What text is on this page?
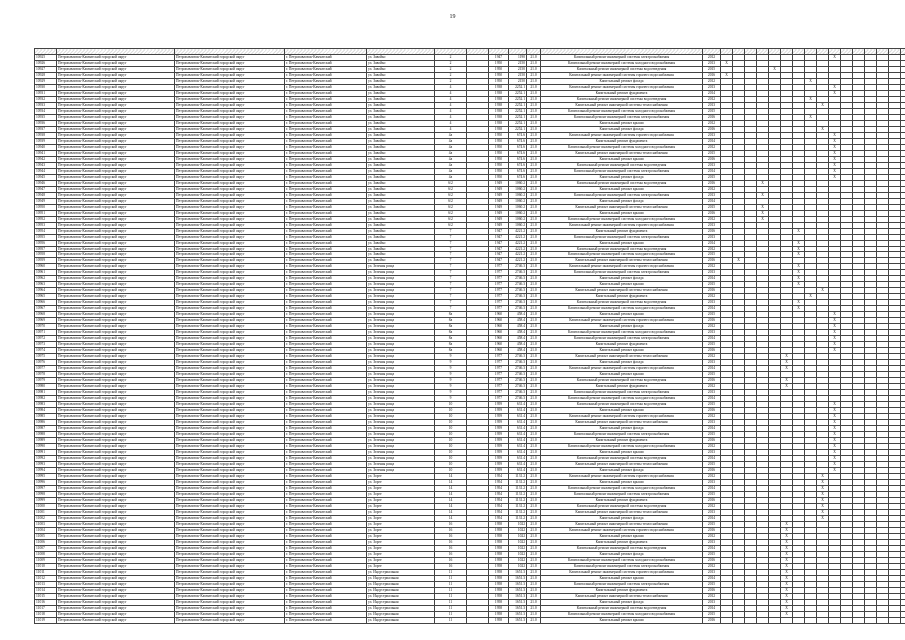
19

10925	Петропавловск-Камчатский городской округ	Петропавловск-Камчатский городской округ	г. Петропавловск-Камчатский	ул. Завойко	2		1947	1190	21.0	Капитальный ремонт инженерной системы электроснабжения	2012										X							
10926	Петропавловск-Камчатский городской округ	Петропавловск-Камчатский городской округ	г. Петропавловск-Камчатский	ул. Завойко	2		1950	2150	21.0	Капитальный ремонт инженерной системы холодного водоснабжения	2013	X																
10927	Петропавловск-Камчатский городской округ	Петропавловск-Камчатский городской округ	г. Петропавловск-Камчатский	ул. Завойко	2		1950	2150	21.0	Капитальный ремонт инженерной системы водоотведения	2015					X												
10928	Петропавловск-Камчатский городской округ	Петропавловск-Камчатский городской округ	г. Петропавловск-Камчатский	ул. Завойко	2		1950	2150	21.0	Капитальный ремонт инженерной системы горячего водоснабжения	2016	X																
10929	Петропавловск-Камчатский городской округ	Петропавловск-Камчатский городской округ	г. Петропавловск-Камчатский	ул. Завойко	2		1950	2150	21.0	Капитальный ремонт фасада	2012								X									
10930	Петропавловск-Камчатский городской округ	Петропавловск-Камчатский городской округ	г. Петропавловск-Камчатский	ул. Завойко	4		1938	2252.1	21.0	Капитальный ремонт инженерной системы горячего водоснабжения	2013										X							
10931	Петропавловск-Камчатский городской округ	Петропавловск-Камчатский городской округ	г. Петропавловск-Камчатский	ул. Завойко	4		1938	2252.1	21.0	Капитальный ремонт фундамента	2014										X							
10932	Петропавловск-Камчатский городской округ	Петропавловск-Камчатский городской округ	г. Петропавловск-Камчатский	ул. Завойко	4		1938	2252.1	21.0	Капитальный ремонт инженерной системы водоотведения	2012								X									
10933	Петропавловск-Камчатский городской округ	Петропавловск-Камчатский городской округ	г. Петропавловск-Камчатский	ул. Завойко	4		1938	2252.1	21.0	Капитальный ремонт инженерной системы теплоснабжения	2013									X								
10934	Петропавловск-Камчатский городской округ	Петропавловск-Камчатский городской округ	г. Петропавловск-Камчатский	ул. Завойко	4		1938	2252.1	21.0	Капитальный ремонт инженерной системы холодного водоснабжения	2015																	
10935	Петропавловск-Камчатский городской округ	Петропавловск-Камчатский городской округ	г. Петропавловск-Камчатский	ул. Завойко	4		1938	2252.1	21.0	Капитальный ремонт инженерной системы электроснабжения	2016								X									
10936	Петропавловск-Камчатский городской округ	Петропавловск-Камчатский городской округ	г. Петропавловск-Камчатский	ул. Завойко	4		1938	2252.1	21.0	Капитальный ремонт крыши	2012																	
10937	Петропавловск-Камчатский городской округ	Петропавловск-Камчатский городской округ	г. Петропавловск-Камчатский	ул. Завойко	4		1938	2252.1	21.0	Капитальный ремонт фасада	2016									X								
10938	Петропавловск-Камчатский городской округ	Петропавловск-Камчатский городской округ	г. Петропавловск-Камчатский	ул. Завойко	4а		1950	674.6	21.0	Капитальный ремонт инженерной системы горячего водоснабжения	2013										X							
10939	Петропавловск-Камчатский городской округ	Петропавловск-Камчатский городской округ	г. Петропавловск-Камчатский	ул. Завойко	4а		1950	674.6	21.0	Капитальный ремонт фундамента	2014										X							
10940	Петропавловск-Камчатский городской округ	Петропавловск-Камчатский городской округ	г. Петропавловск-Камчатский	ул. Завойко	4а		1950	674.6	21.0	Капитальный ремонт инженерной системы холодного водоснабжения	2012										X							
10941	Петропавловск-Камчатский городской округ	Петропавловск-Камчатский городской округ	г. Петропавловск-Камчатский	ул. Завойко	4а		1950	674.6	21.0	Капитальный ремонт инженерной системы теплоснабжения	2015										X							
10942	Петропавловск-Камчатский городской округ	Петропавловск-Камчатский городской округ	г. Петропавловск-Камчатский	ул. Завойко	4а		1950	674.6	21.0	Капитальный ремонт крыши	2016										X							
10943	Петропавловск-Камчатский городской округ	Петропавловск-Камчатский городской округ	г. Петропавловск-Камчатский	ул. Завойко	4а		1950	674.6	21.0	Капитальный ремонт инженерной системы водоотведения	2013										X							
10944	Петропавловск-Камчатский городской округ	Петропавловск-Камчатский городской округ	г. Петропавловск-Камчатский	ул. Завойко	4а		1950	674.6	21.0	Капитальный ремонт инженерной системы электроснабжения	2014										X							
10945	Петропавловск-Камчатский городской округ	Петропавловск-Камчатский городской округ	г. Петропавловск-Камчатский	ул. Завойко	4а		1950	674.6	21.0	Капитальный ремонт фасада	2015										X							
10946	Петропавловск-Камчатский городской округ	Петропавловск-Камчатский городской округ	г. Петропавловск-Камчатский	ул. Завойко	6/2		1949	1060.2	21.0	Капитальный ремонт инженерной системы водоотведения	2016				X													
10947	Петропавловск-Камчатский городской округ	Петропавловск-Камчатский городской округ	г. Петропавловск-Камчатский	ул. Завойко	6/2		1949	1060.2	21.0	Капитальный ремонт крыши	2012																	
10948	Петропавловск-Камчатский городской округ	Петропавловск-Камчатский городской округ	г. Петропавловск-Камчатский	ул. Завойко	6/2		1949	1060.2	21.0	Капитальный ремонт инженерной системы электроснабжения	2013				X													
10949	Петропавловск-Камчатский городской округ	Петропавловск-Камчатский городской округ	г. Петропавловск-Камчатский	ул. Завойко	6/2		1949	1060.2	21.0	Капитальный ремонт фасада	2014																	
10950	Петропавловск-Камчатский городской округ	Петропавловск-Камчатский городской округ	г. Петропавловск-Камчатский	ул. Завойко	6/2		1949	1060.2	21.0	Капитальный ремонт инженерной системы теплоснабжения	2015				X													
10951	Петропавловск-Камчатский городской округ	Петропавловск-Камчатский городской округ	г. Петропавловск-Камчатский	ул. Завойко	6/2		1949	1060.2	21.0	Капитальный ремонт крыши	2016				X													
10952	Петропавловск-Камчатский городской округ	Петропавловск-Камчатский городской округ	г. Петропавловск-Камчатский	ул. Завойко	6/2		1949	1060.2	21.0	Капитальный ремонт инженерной системы холодного водоснабжения	2012				X													
10953	Петропавловск-Камчатский городской округ	Петропавловск-Камчатский городской округ	г. Петропавловск-Камчатский	ул. Завойко	6/2		1949	1060.2	21.0	Капитальный ремонт инженерной системы горячего водоснабжения	2013																	
10954	Петропавловск-Камчатский городской округ	Петропавловск-Камчатский городской округ	г. Петропавловск-Камчатский	ул. Завойко	7		1947	4221.2	21.0	Капитальный ремонт фундамента	2016							X										
10955	Петропавловск-Камчатский городской округ	Петропавловск-Камчатский городской округ	г. Петропавловск-Камчатский	ул. Завойко	7		1947	4221.2	21.0	Капитальный ремонт инженерной системы электроснабжения	2013																	
10956	Петропавловск-Камчатский городской округ	Петропавловск-Камчатский городской округ	г. Петропавловск-Камчатский	ул. Завойко	7		1947	4221.2	21.0	Капитальный ремонт крыши	2014							X										
10957	Петропавловск-Камчатский городской округ	Петропавловск-Камчатский городской округ	г. Петропавловск-Камчатский	ул. Завойко	7		1947	4221.2	21.0	Капитальный ремонт инженерной системы водоотведения	2012							X										
10958	Петропавловск-Камчатский городской округ	Петропавловск-Камчатский городской округ	г. Петропавловск-Камчатский	ул. Завойко	7		1947	4221.2	21.0	Капитальный ремонт инженерной системы холодного водоснабжения	2015							X										
10959	Петропавловск-Камчатский городской округ	Петропавловск-Камчатский городской округ	г. Петропавловск-Камчатский	ул. Завойко	7		1947	4221.2	21.0	Капитальный ремонт инженерной системы теплоснабжения	2016		X															
10960	Петропавловск-Камчатский городской округ	Петропавловск-Камчатский городской округ	г. Петропавловск-Камчатский	ул. Зеленая роща	7		1977	2746.3	21.0	Капитальный ремонт инженерной системы горячего водоснабжения	2012							X										
10961	Петропавловск-Камчатский городской округ	Петропавловск-Камчатский городской округ	г. Петропавловск-Камчатский	ул. Зеленая роща	7		1977	2746.3	21.0	Капитальный ремонт инженерной системы электроснабжения	2013							X										
10962	Петропавловск-Камчатский городской округ	Петропавловск-Камчатский городской округ	г. Петропавловск-Камчатский	ул. Зеленая роща	7		1977	2746.3	21.0	Капитальный ремонт фасада	2014							X										
10963	Петропавловск-Камчатский городской округ	Петропавловск-Камчатский городской округ	г. Петропавловск-Камчатский	ул. Зеленая роща	7		1977	2746.3	21.0	Капитальный ремонт крыши	2015							X										
10964	Петропавловск-Камчатский городской округ	Петропавловск-Камчатский городской округ	г. Петропавловск-Камчатский	ул. Зеленая роща	7		1977	2746.3	21.0	Капитальный ремонт инженерной системы теплоснабжения	2016									X								
10965	Петропавловск-Камчатский городской округ	Петропавловск-Камчатский городской округ	г. Петропавловск-Камчатский	ул. Зеленая роща	7		1977	2746.3	21.0	Капитальный ремонт фундамента	2012								X									
10966	Петропавловск-Камчатский городской округ	Петропавловск-Камчатский городской округ	г. Петропавловск-Камчатский	ул. Зеленая роща	7		1977	2746.3	21.0	Капитальный ремонт инженерной системы водоотведения	2013							X										
10967	Петропавловск-Камчатский городской округ	Петропавловск-Камчатский городской округ	г. Петропавловск-Камчатский	ул. Зеленая роща	7		1977	2746.3	21.0	Капитальный ремонт инженерной системы холодного водоснабжения	2014							X										
10968	Петропавловск-Камчатский городской округ	Петропавловск-Камчатский городской округ	г. Петропавловск-Камчатский	ул. Зеленая роща	8а		1960	458.4	21.0	Капитальный ремонт крыши	2015										X							
10969	Петропавловск-Камчатский городской округ	Петропавловск-Камчатский городской округ	г. Петропавловск-Камчатский	ул. Зеленая роща	8а		1960	458.4	21.0	Капитальный ремонт инженерной системы горячего водоснабжения	2016										X							
10970	Петропавловск-Камчатский городской округ	Петропавловск-Камчатский городской округ	г. Петропавловск-Камчатский	ул. Зеленая роща	8а		1960	458.4	21.0	Капитальный ремонт фасада	2012										X							
10971	Петропавловск-Камчатский городской округ	Петропавловск-Камчатский городской округ	г. Петропавловск-Камчатский	ул. Зеленая роща	8а		1960	458.4	21.0	Капитальный ремонт инженерной системы холодного водоснабжения	2013										X							
10972	Петропавловск-Камчатский городской округ	Петропавловск-Камчатский городской округ	г. Петропавловск-Камчатский	ул. Зеленая роща	8а		1960	458.4	21.0	Капитальный ремонт инженерной системы электроснабжения	2014										X							
10973	Петропавловск-Камчатский городской округ	Петропавловск-Камчатский городской округ	г. Петропавловск-Камчатский	ул. Зеленая роща	8а		1960	458.4	21.0	Капитальный ремонт фундамента	2015										X							
10974	Петропавловск-Камчатский городской округ	Петропавловск-Камчатский городской округ	г. Петропавловск-Камчатский	ул. Зеленая роща	8а		1960	458.4	21.0	Капитальный ремонт крыши	2016										X							
10975	Петропавловск-Камчатский городской округ	Петропавловск-Камчатский городской округ	г. Петропавловск-Камчатский	ул. Зеленая роща	9		1977	2746.3	21.0	Капитальный ремонт инженерной системы теплоснабжения	2012						X											
10976	Петропавловск-Камчатский городской округ	Петропавловск-Камчатский городской округ	г. Петропавловск-Камчатский	ул. Зеленая роща	9		1977	2746.3	21.0	Капитальный ремонт фасада	2013						X											
10977	Петропавловск-Камчатский городской округ	Петропавловск-Камчатский городской округ	г. Петропавловск-Камчатский	ул. Зеленая роща	9		1977	2746.3	21.0	Капитальный ремонт инженерной системы горячего водоснабжения	2014						X											
10978	Петропавловск-Камчатский городской округ	Петропавловск-Камчатский городской округ	г. Петропавловск-Камчатский	ул. Зеленая роща	9		1977	2746.3	21.0	Капитальный ремонт крыши	2015																	
10979	Петропавловск-Камчатский городской округ	Петропавловск-Камчатский городской округ	г. Петропавловск-Камчатский	ул. Зеленая роща	9		1977	2746.3	21.0	Капитальный ремонт инженерной системы водоотведения	2016						X											
10980	Петропавловск-Камчатский городской округ	Петропавловск-Камчатский городской округ	г. Петропавловск-Камчатский	ул. Зеленая роща	9		1977	2746.3	21.0	Капитальный ремонт фундамента	2012						X											
10981	Петропавловск-Камчатский городской округ	Петропавловск-Камчатский городской округ	г. Петропавловск-Камчатский	ул. Зеленая роща	9		1977	2746.3	21.0	Капитальный ремонт инженерной системы электроснабжения	2013																	
10982	Петропавловск-Камчатский городской округ	Петропавловск-Камчатский городской округ	г. Петропавловск-Камчатский	ул. Зеленая роща	9		1977	2746.3	21.0	Капитальный ремонт инженерной системы холодного водоснабжения	2014																	
10983	Петропавловск-Камчатский городской округ	Петропавловск-Камчатский городской округ	г. Петропавловск-Камчатский	ул. Зеленая роща	10		1959	631.4	21.0	Капитальный ремонт инженерной системы водоотведения	2015										X							
10984	Петропавловск-Камчатский городской округ	Петропавловск-Камчатский городской округ	г. Петропавловск-Камчатский	ул. Зеленая роща	10		1959	631.4	21.0	Капитальный ремонт крыши	2016										X							
10985	Петропавловск-Камчатский городской округ	Петропавловск-Камчатский городской округ	г. Петропавловск-Камчатский	ул. Зеленая роща	10		1959	631.4	21.0	Капитальный ремонт инженерной системы горячего водоснабжения	2012										X							
10986	Петропавловск-Камчатский городской округ	Петропавловск-Камчатский городской округ	г. Петропавловск-Камчатский	ул. Зеленая роща	10		1959	631.4	21.0	Капитальный ремонт инженерной системы теплоснабжения	2013										X							
10987	Петропавловск-Камчатский городской округ	Петропавловск-Камчатский городской округ	г. Петропавловск-Камчатский	ул. Зеленая роща	10		1959	631.4	21.0	Капитальный ремонт фасада	2014										X							
10988	Петропавловск-Камчатский городской округ	Петропавловск-Камчатский городской округ	г. Петропавловск-Камчатский	ул. Зеленая роща	10		1959	631.4	21.0	Капитальный ремонт инженерной системы электроснабжения	2015										X							
10989	Петропавловск-Камчатский городской округ	Петропавловск-Камчатский городской округ	г. Петропавловск-Камчатский	ул. Зеленая роща	10		1959	631.4	21.0	Капитальный ремонт фундамента	2016										X							
10990	Петропавловск-Камчатский городской округ	Петропавловск-Камчатский городской округ	г. Петропавловск-Камчатский	ул. Зеленая роща	10		1959	631.4	21.0	Капитальный ремонт инженерной системы холодного водоснабжения	2012										X							
10991	Петропавловск-Камчатский городской округ	Петропавловск-Камчатский городской округ	г. Петропавловск-Камчатский	ул. Зеленая роща	10		1959	631.4	21.0	Капитальный ремонт крыши	2013										X							
10992	Петропавловск-Камчатский городской округ	Петропавловск-Камчатский городской округ	г. Петропавловск-Камчатский	ул. Зеленая роща	10		1959	631.4	21.0	Капитальный ремонт инженерной системы водоотведения	2014										X							
10993	Петропавловск-Камчатский городской округ	Петропавловск-Камчатский городской округ	г. Петропавловск-Камчатский	ул. Зеленая роща	10		1959	631.4	21.0	Капитальный ремонт инженерной системы теплоснабжения	2015										X							
10994	Петропавловск-Камчатский городской округ	Петропавловск-Камчатский городской округ	г. Петропавловск-Камчатский	ул. Зеленая роща	10		1959	631.4	21.0	Капитальный ремонт фасада	2016										X							
10995	Петропавловск-Камчатский городской округ	Петропавловск-Камчатский городской округ	г. Петропавловск-Камчатский	ул. Зорге	14		1954	1131.2	21.0	Капитальный ремонт инженерной системы горячего водоснабжения	2012									X								
10996	Петропавловск-Камчатский городской округ	Петропавловск-Камчатский городской округ	г. Петропавловск-Камчатский	ул. Зорге	14		1954	1131.2	21.0	Капитальный ремонт крыши	2013									X								
10997	Петропавловск-Камчатский городской округ	Петропавловск-Камчатский городской округ	г. Петропавловск-Камчатский	ул. Зорге	14		1954	1131.2	21.0	Капитальный ремонт инженерной системы холодного водоснабжения	2014									X								
10998	Петропавловск-Камчатский городской округ	Петропавловск-Камчатский городской округ	г. Петропавловск-Камчатский	ул. Зорге	14		1954	1131.2	21.0	Капитальный ремонт инженерной системы электроснабжения	2015									X								
10999	Петропавловск-Камчатский городской округ	Петропавловск-Камчатский городской округ	г. Петропавловск-Камчатский	ул. Зорге	14		1954	1131.2	21.0	Капитальный ремонт фундамента	2016									X								
11000	Петропавловск-Камчатский городской округ	Петропавловск-Камчатский городской округ	г. Петропавловск-Камчатский	ул. Зорге	14		1954	1131.2	21.0	Капитальный ремонт инженерной системы водоотведения	2012									X								
11001	Петропавловск-Камчатский городской округ	Петропавловск-Камчатский городской округ	г. Петропавловск-Камчатский	ул. Зорге	14		1954	1131.2	21.0	Капитальный ремонт инженерной системы теплоснабжения	2013									X								
11002	Петропавловск-Камчатский городской округ	Петропавловск-Камчатский городской округ	г. Петропавловск-Камчатский	ул. Зорге	14		1954	1131.2	21.0	Капитальный ремонт фасада	2014									X								
11003	Петропавловск-Камчатский городской округ	Петропавловск-Камчатский городской округ	г. Петропавловск-Камчатский	ул. Зорге	16		1958	1022	21.0	Капитальный ремонт инженерной системы теплоснабжения	2015						X											
11004	Петропавловск-Камчатский городской округ	Петропавловск-Камчатский городской округ	г. Петропавловск-Камчатский	ул. Зорге	16		1958	1022	21.0	Капитальный ремонт инженерной системы горячего водоснабжения	2016						X											
11005	Петропавловск-Камчатский городской округ	Петропавловск-Камчатский городской округ	г. Петропавловск-Камчатский	ул. Зорге	16		1958	1022	21.0	Капитальный ремонт крыши	2012						X											
11006	Петропавловск-Камчатский городской округ	Петропавловск-Камчатский городской округ	г. Петропавловск-Камчатский	ул. Зорге	16		1958	1022	21.0	Капитальный ремонт фундамента	2013						X											
11007	Петропавловск-Камчатский городской округ	Петропавловск-Камчатский городской округ	г. Петропавловск-Камчатский	ул. Зорге	16		1958	1022	21.0	Капитальный ремонт инженерной системы водоотведения	2014						X											
11008	Петропавловск-Камчатский городской округ	Петропавловск-Камчатский городской округ	г. Петропавловск-Камчатский	ул. Зорге	16		1958	1022	21.0	Капитальный ремонт фасада	2015						X											
11009	Петропавловск-Камчатский городской округ	Петропавловск-Камчатский городской округ	г. Петропавловск-Камчатский	ул. Зорге	16		1958	1022	21.0	Капитальный ремонт инженерной системы холодного водоснабжения	2016						X											
11010	Петропавловск-Камчатский городской округ	Петропавловск-Камчатский городской округ	г. Петропавловск-Камчатский	ул. Зорге	16		1958	1022	21.0	Капитальный ремонт инженерной системы электроснабжения	2012						X											
11011	Петропавловск-Камчатский городской округ	Петропавловск-Камчатский городской округ	г. Петропавловск-Камчатский	ул. Индустриальная	11		1958	1651.3	21.0	Капитальный ремонт инженерной системы горячего водоснабжения	2013						X											
11012	Петропавловск-Камчатский городской округ	Петропавловск-Камчатский городской округ	г. Петропавловск-Камчатский	ул. Индустриальная	11		1958	1651.3	21.0	Капитальный ремонт крыши	2014						X											
11013	Петропавловск-Камчатский городской округ	Петропавловск-Камчатский городской округ	г. Петропавловск-Камчатский	ул. Индустриальная	11		1958	1651.3	21.0	Капитальный ремонт инженерной системы электроснабжения	2015						X											
11014	Петропавловск-Камчатский городской округ	Петропавловск-Камчатский городской округ	г. Петропавловск-Камчатский	ул. Индустриальная	11		1958	1651.3	21.0	Капитальный ремонт фундамента	2016						X											
11015	Петропавловск-Камчатский городской округ	Петропавловск-Камчатский городской округ	г. Петропавловск-Камчатский	ул. Индустриальная	11		1958	1651.3	21.0	Капитальный ремонт инженерной системы теплоснабжения	2012						X											
11016	Петропавловск-Камчатский городской округ	Петропавловск-Камчатский городской округ	г. Петропавловск-Камчатский	ул. Индустриальная	11		1958	1651.3	21.0	Капитальный ремонт фасада	2013						X											
11017	Петропавловск-Камчатский городской округ	Петропавловск-Камчатский городской округ	г. Петропавловск-Камчатский	ул. Индустриальная	11		1958	1651.3	21.0	Капитальный ремонт инженерной системы водоотведения	2014						X											
11018	Петропавловск-Камчатский городской округ	Петропавловск-Камчатский городской округ	г. Петропавловск-Камчатский	ул. Индустриальная	11		1958	1651.3	21.0	Капитальный ремонт инженерной системы холодного водоснабжения	2015						X											
11019	Петропавловск-Камчатский городской округ	Петропавловск-Камчатский городской округ	г. Петропавловск-Камчатский	ул. Индустриальная	11		1958	1651.3	21.0	Капитальный ремонт крыши	2016																	
